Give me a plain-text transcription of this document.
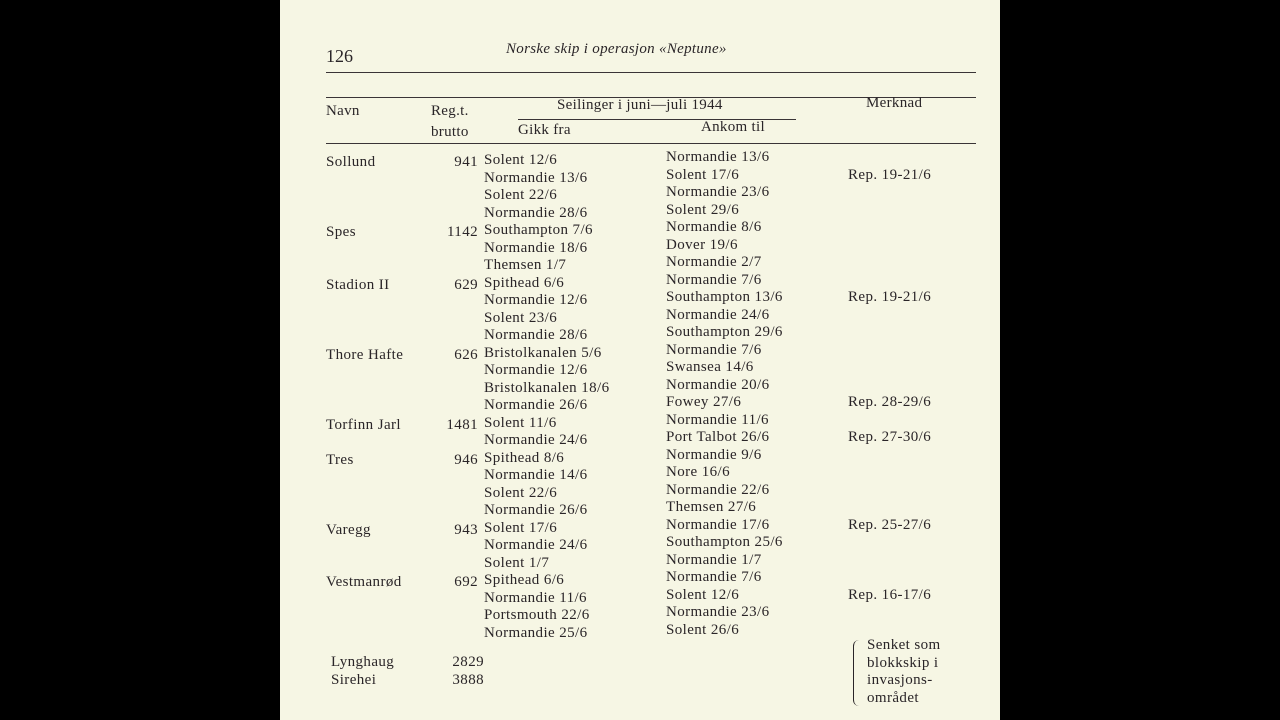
126	Norske skip i operasjon «Neptune»
Navn	Reg.t.
brutto
Seilinger i juni—juli 1944
Gikk fra	Ankom til
Merknad
Sollund	941 Solent 12/6	Normandie 13/6
Normandie 13/6	Solent 17/6	Rep. 19-21/6
Solent 22/6	Normandie 23/6
Normandie 28/6	Solent 29/6
Spes	1142 Southampton 7/6	Normandie 8/6
Normandie 18/6	Dover 19/6
Themsen 1/7	Normandie 2/7
Stadion II	629 Spithead 6/6	Normandie 7/6
Normandie 12/6	Southampton 13/6	Rep. 19-21/6
Solent 23/6	Normandie 24/6
Normandie 28/6	Southampton 29/6
Thore Hafte	626 Bristolkanalen 5/6	Normandie 7/6
Normandie 12/6	Swansea 14/6
Bristolkanalen 18/6	Normandie 20/6
Normandie 26/6	Fowey 27/6	Rep. 28-29/6
Torfinn Jarl	1481 Solent 11/6	Normandie 11/6
Normandie 24/6	Port Talbot 26/6	Rep. 27-30/6
Tres	946 Spithead 8/6	Normandie 9/6
Normandie 14/6	Nore 16/6
Solent 22/6	Normandie 22/6
Normandie 26/6	Themsen 27/6
Varegg	943 Solent 17/6	Normandie 17/6	Rep. 25-27/6
Normandie 24/6	Southampton 25/6
Solent 1/7	Normandie 1/7
Vestmanrød	692 Spithead 6/6	Normandie 7/6
Normandie 11/6	Solent 12/6	Rep. 16-17/6
Portsmouth 22/6	Normandie 23/6
Normandie 25/6	Solent 26/6
Lynghaug	2829
Sirehei	3888
Senket som
blokkskip i
invasjons-
området
